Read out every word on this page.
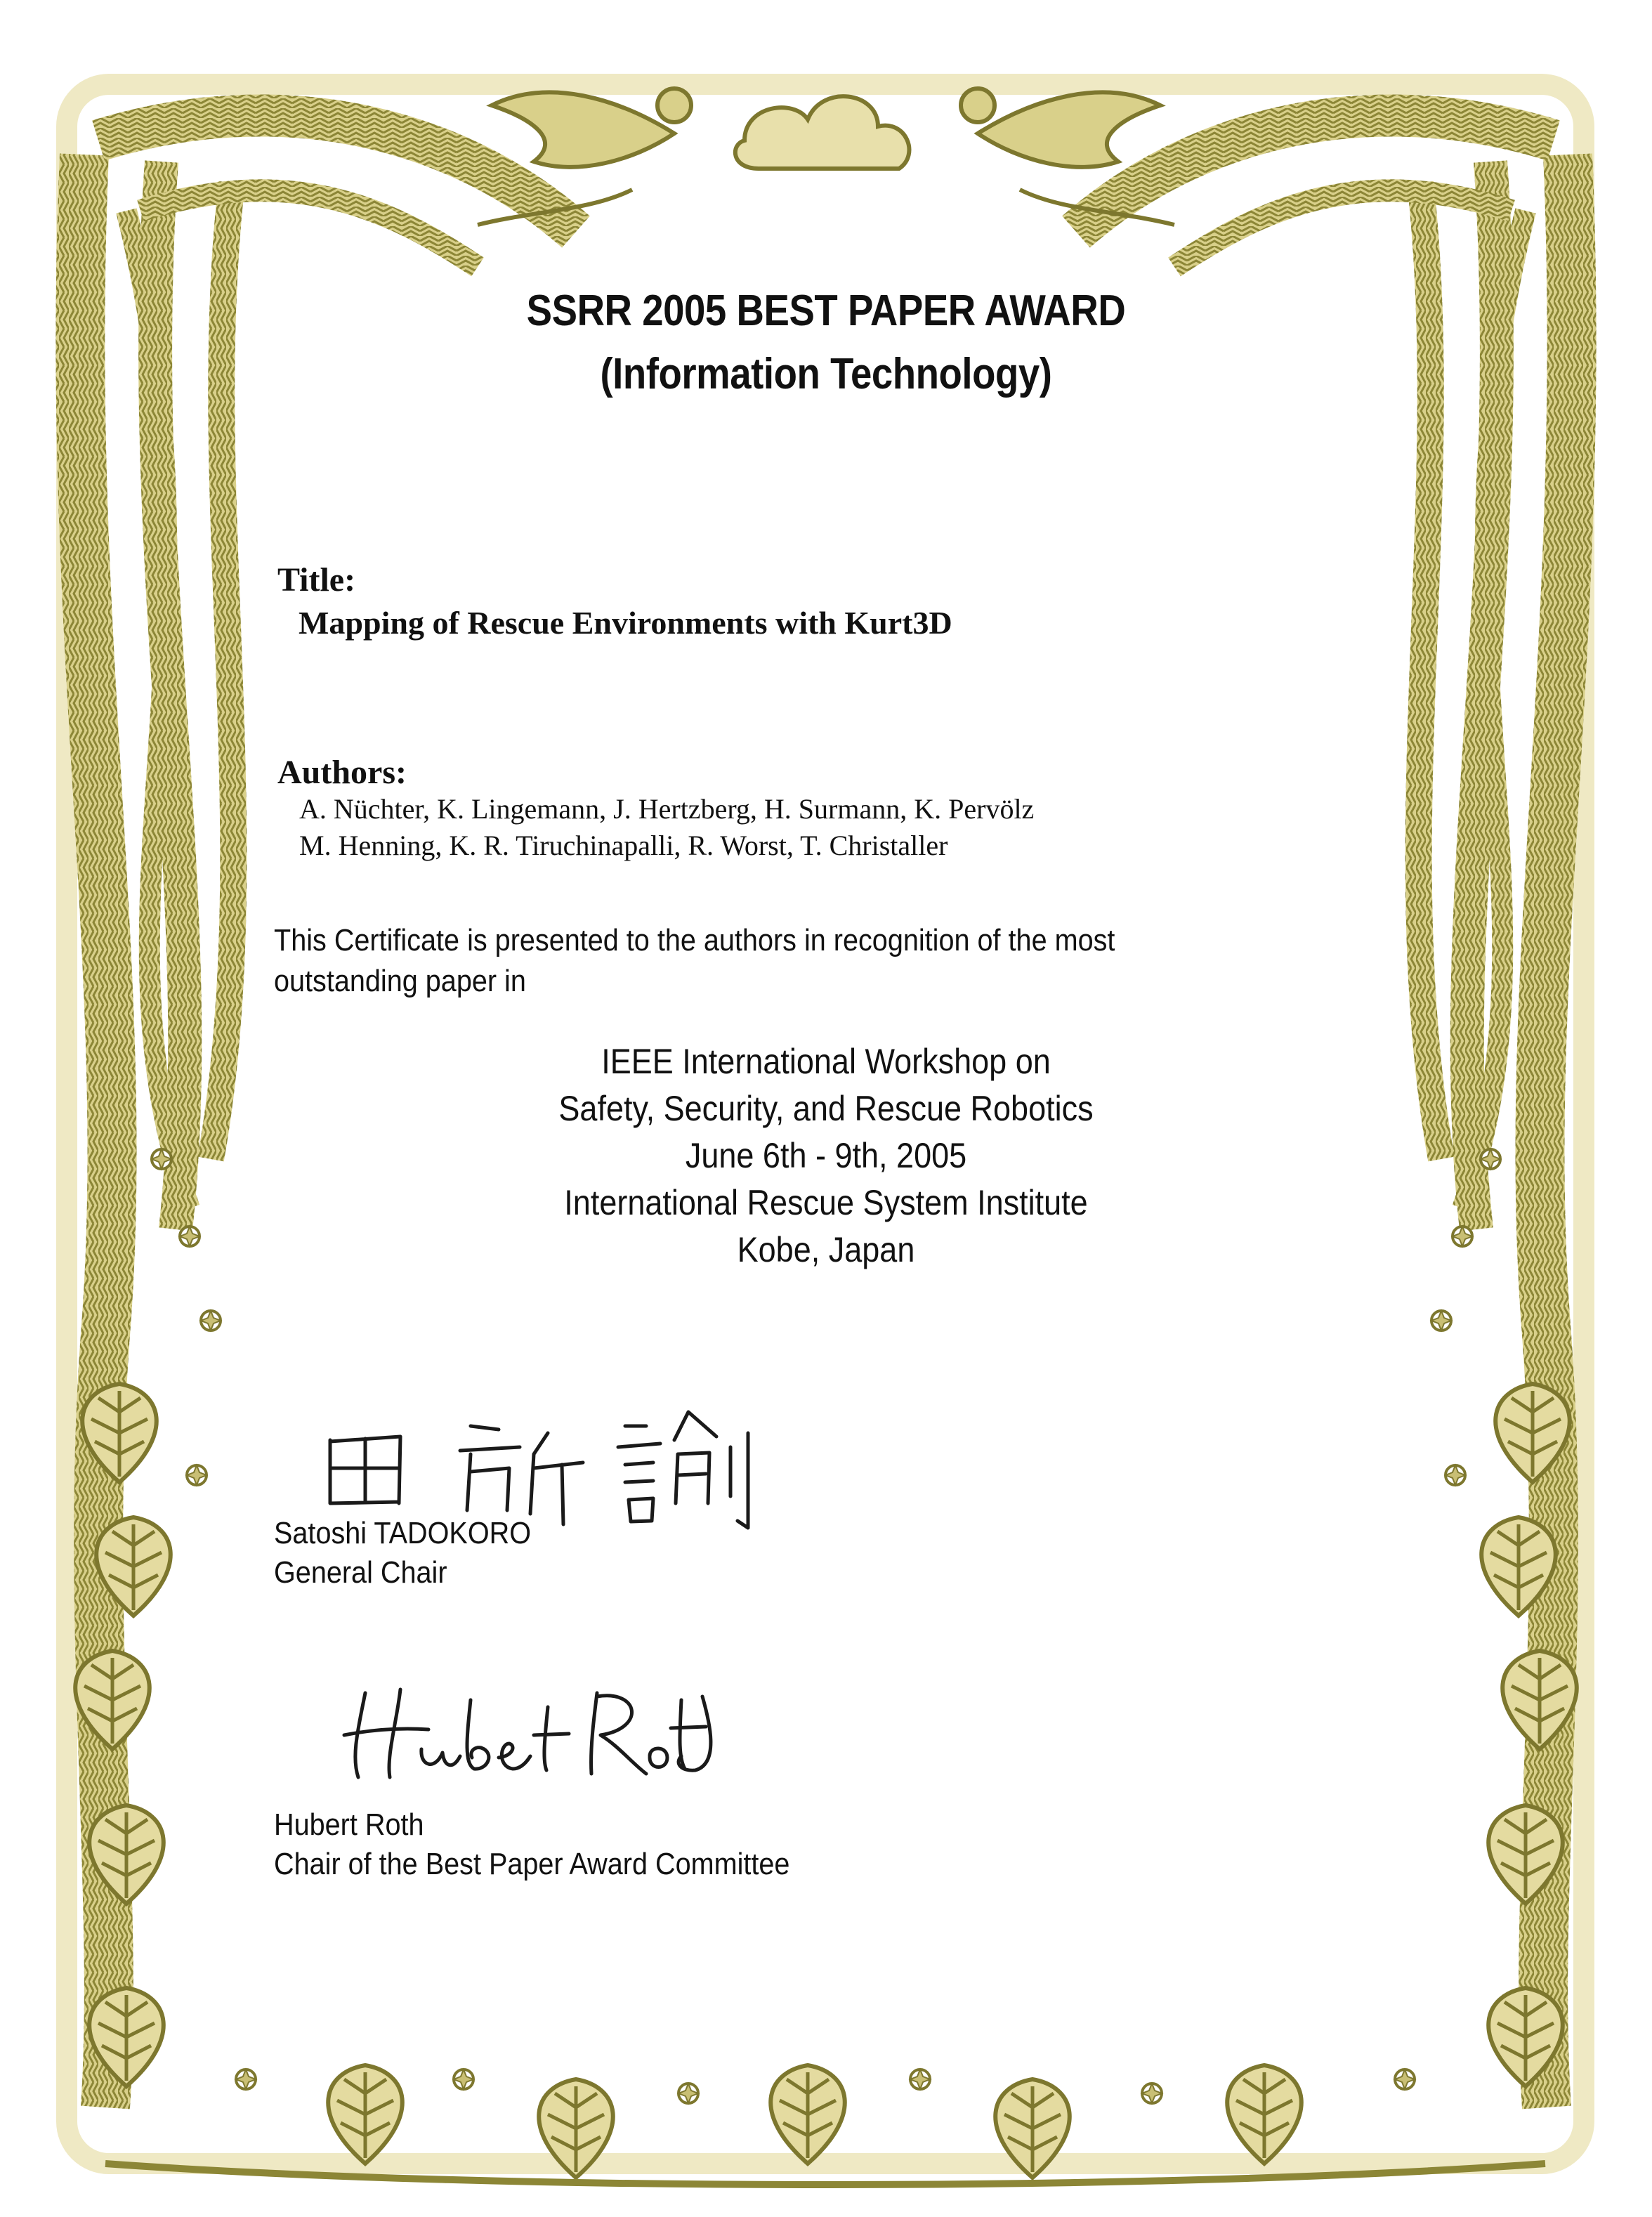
SSRR 2005 BEST PAPER AWARD
(Information Technology)
Title:
Mapping of Rescue Environments with Kurt3D
Authors:
A. Nüchter, K. Lingemann, J. Hertzberg, H. Surmann, K. Pervölz
M. Henning, K. R. Tiruchinapalli, R. Worst, T. Christaller
This Certificate is presented to the authors in recognition of the most outstanding paper in
IEEE International Workshop on
Safety, Security, and Rescue Robotics
June 6th - 9th, 2005
International Rescue System Institute
Kobe, Japan
Satoshi TADOKORO
General Chair
Hubert Roth
Chair of the Best Paper Award Committee
